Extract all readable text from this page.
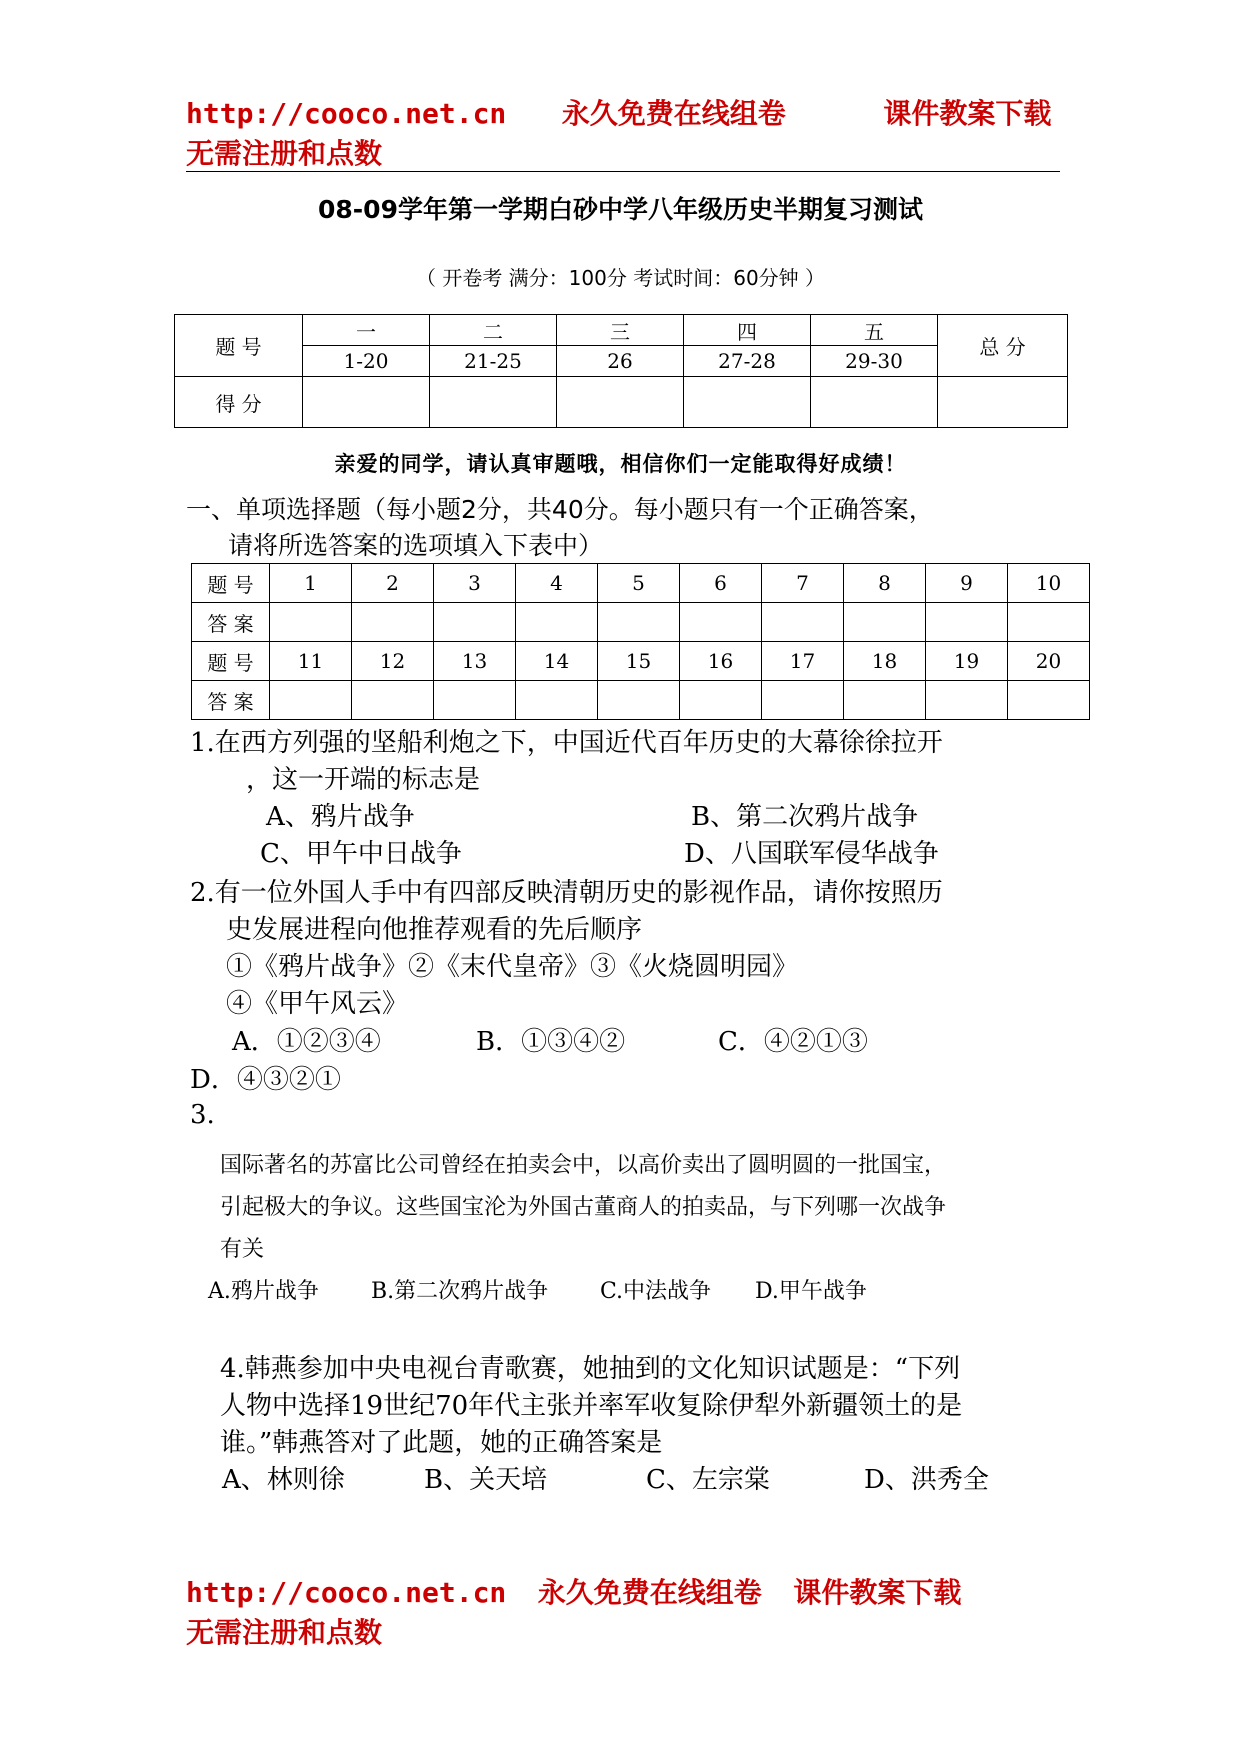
http://cooco.net.cn 永久免费在线组卷	课件教案下载
无需注册和点数
08-09学年第一学期白砂中学八年级历史半期复习测试
（ 开卷考 满分：100分 考试时间：60分钟 ）
题 号	一	二	三	四	五	总 分
	1-20	21-25	26	27-28	29-30	
得 分						
亲爱的同学，请认真审题哦，相信你们一定能取得好成绩！
一、单项选择题（每小题2分，共40分。每小题只有一个正确答案，
请将所选答案的选项填入下表中）
题 号	1	2	3	4	5	6	7	8	9	10
答 案										
题 号	11	12	13	14	15	16	17	18	19	20
答 案										
1.在西方列强的坚船利炮之下，中国近代百年历史的大幕徐徐拉开
，这一开端的标志是
A、鸦片战争	B、第二次鸦片战争
C、甲午中日战争	D、八国联军侵华战争
2.有一位外国人手中有四部反映清朝历史的影视作品，请你按照历
史发展进程向他推荐观看的先后顺序
①《鸦片战争》②《末代皇帝》③《火烧圆明园》
④《甲午风云》
A．①②③④	B．①③④②	C．④②①③
D．④③②①
3.
国际著名的苏富比公司曾经在拍卖会中，以高价卖出了圆明圆的一批国宝，
引起极大的争议。这些国宝沦为外国古董商人的拍卖品，与下列哪一次战争
有关
A.鸦片战争 B.第二次鸦片战争 C.中法战争 D.甲午战争
4.韩燕参加中央电视台青歌赛，她抽到的文化知识试题是：“下列
人物中选择19世纪70年代主张并率军收复除伊犁外新疆领土的是
谁。”韩燕答对了此题，她的正确答案是
A、林则徐	B、关天培	C、左宗棠	D、洪秀全
http://cooco.net.cn 永久免费在线组卷 课件教案下载
无需注册和点数
